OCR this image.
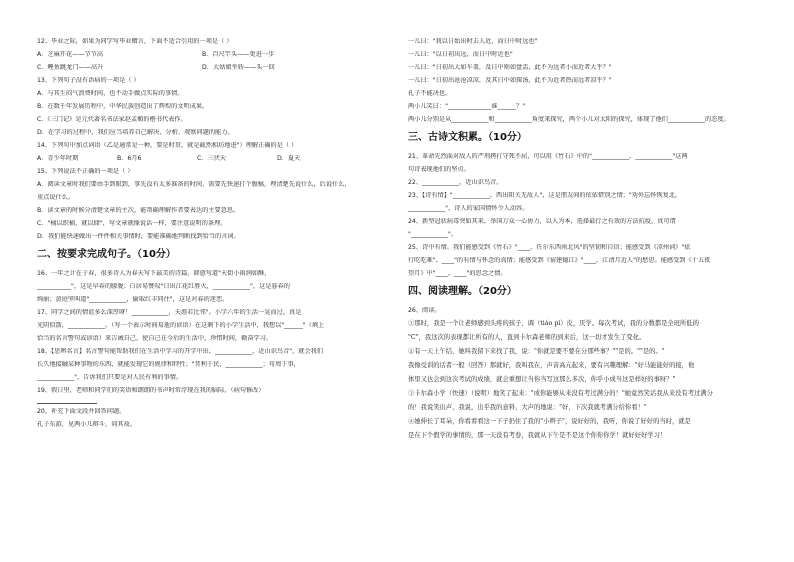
12、毕业之际，如果为同学写毕业赠言，下面不适合引用的一项是（ ）
A．芝麻开花——节节高	B．百尺竿头——更进一步
C．鲤鱼跳龙门——高升	D．大姑娘坐轿——头一回
13、下列句子没有语病的一项是（ ）
A．与其生闷气浪费时间，也不动手做点实际的事情。
B．在数千年发展历程中，中华民族创造出了辉煌的文明成果。
C．《三门记》是元代著名书法家赵孟頫的楷书代表作。
D．在学习的过程中，我们应当培养自己解决、分析、观察问题的能力。
14、下列句中加点词语（乙是通常是一种，要是时贯，就是截然相坊地进"）理解正确的是（ ）
A．青少年时期	B．6月6	C．三伏天	D．夏天
15、下列说法不正确的一项是（ ）
A．阅读文章时我们要由手到眼到，事先没有太多准备的时间，需要先快速打个腹稿，理清楚先说什么，后说什么，
重点说什么。
B．读文章的时候分清楚文章的主次，能帮确理解作者要表达的主要意思。
C．"桶以织桶，就以储"，写文章就像说话一样，要注意说明的条理。
D．我们能快速做出一件件相关事情时，要能准确地判断找到恰当的言词。
二、按要求完成句子。（10分）
16、一年之计在于春，很多诗人为春天写下最美的诗篇，韩愈写道"天街小雨润如酥，
___________"，这是早春的朦胧；白居易赞叹"日出江花红胜火，____________"，这是暮春的
绚丽；黄庭坚叫道"____________，偷取红丰同住"，这是对春的迷恋。
17、同学之间的情谊多么深厚呀！____________，天涯若比邻"。小学六年的生活一晃而过，真是
光阴似箭，____________。（写一个表示时间易逝的谚语）在这剩下的小学生活中，我想以"______"（填上
恰当的名言警句或谚语）来告诫自己，使自己在今后的生活中，珍惜时间，勤奋学习。
18、【思辨名言】名言警句能帮助我们在生活中学习的开学中出，____________，近山识鸟音"，就会我们
长久地接触某种事物的东西，就能发现它的规律和特性；"昔利于民，____________；苟周于事，
____________"，告诉我们只要是对人民有利的事情。
19、假日里，老师和同学们的笑语和朗朗的书声时常浮现在我的脑际。（病句修改）
20、补充下面文段并回答问题。
孔子东游，见两小儿辩斗，问其故。
一儿曰："我以日始出时去人近，而日中时远也"
一儿曰："以日初出远，而日中时近也"
一儿曰："日初出大如车盖，及日中则如盘盂，此不为远者小而近者大乎？"
一儿曰："日初出沧沧凉凉，及其日中如探汤，此不为近者热而远者凉乎？"
孔子不能决也。
两小儿笑曰："______________谁______？"
两小儿分别是从____________和____________角度来探究，两个小儿对太阳的探究，体现了他们____________的态度。
三、古诗文积累。（10分）
21、革命先烈面对敌人的严刑拷打守死不屈，可以用《竹石》中的"____________，____________"这两
句诗表现他们的坚贞。
22、____________，近山识鸟音。
23、【诗有情】"____________，西出阳关无故人"，这是朋友间的依依惜别之情；"劝外忘怀恢复北，
____________"，诗人的家国情怀令人动容。
24、新型冠状病毒突如其来，举国万众一心协力，以人为本，选择最行之有效的方法抗疫，真可谓
"____________"。
25、诗中有情。我们能感受到《竹石》"____，任尔东西南北风"的坚韧和自信；能感受到《凉州词》"依
行吃吃难"。____"的有情与怀念的真情；能感受到《宿建德江》"____，江清月近人"的愁思。能感受到《十五夜
望月》中"____，____"的思念之情。
四、阅读理解。（20分）
26、阅读。
①那时，我是一个让老师感到头疼的孩子，调（tiáo pí）皮，厌学。每次考试，我的分数都是全班所低的
"C"，我这次的表现都让所有的人，直到卡尔森老师的到来后，这一切才发生了变化。
②有一天上午结，她叫我留下来找了我，说："你就是要不要在分那些事？""是的。""是的。"
我像受训的话者一般（回答）那就好，我叫我在，声音高亢起来，要有兴趣理解："好马能能好的接，他
体里又也会到这次考试的成绩，就会重想让当你当写这那么多次，你乎小成当这是样好的事呀？"
③卡尔森小学（快速）（说明）地笑了起来："成你能够从来没有考过满分的！"她竟然笑话我从来没有考过满分
的！我说笑出声，我说，出乎我的意料，大声的地说："好，下次我就考满分给你看！"
④她伸长了耳朵，你看看看这一下子扔住了我的"小辫子"，说好好的，我听，你说了好好的当时，就是
是在下个假学的事情的，那一天没有考卷，我就从下午是不是这个你你你学！就好好好学习！
